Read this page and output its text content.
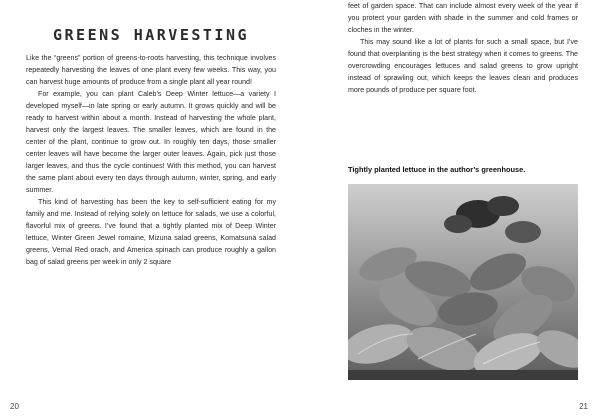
GREENS HARVESTING

Like the “greens” portion of greens-to-roots harvesting, this technique involves repeatedly harvesting the leaves of one plant every few weeks. This way, you can harvest huge amounts of produce from a single plant all year round!

For example, you can plant Caleb’s Deep Winter lettuce—a variety I developed myself—in late spring or early autumn. It grows quickly and will be ready to harvest within about a month. Instead of harvesting the whole plant, harvest only the largest leaves. The smaller leaves, which are found in the center of the plant, continue to grow out. In roughly ten days, those smaller center leaves will have become the larger outer leaves. Again, pick just those larger leaves, and thus the cycle continues! With this method, you can harvest the same plant about every ten days through autumn, winter, spring, and early summer.

This kind of harvesting has been the key to self-sufficient eating for my family and me. Instead of relying solely on lettuce for salads, we use a colorful, flavorful mix of greens. I’ve found that a tightly planted mix of Deep Winter lettuce, Winter Green Jewel romaine, Mizuna salad greens, Komatsuna salad greens, Vernal Red orach, and America spinach can produce roughly a gallon bag of salad greens per week in only 2 square

20

feet of garden space. That can include almost every week of the year if you protect your garden with shade in the summer and cold frames or cloches in the winter.

This may sound like a lot of plants for such a small space, but I’ve found that overplanting is the best strategy when it comes to greens. The overcrowding encourages lettuces and salad greens to grow upright instead of sprawling out, which keeps the leaves clean and produces more pounds of produce per square foot.

Tightly planted lettuce in the author’s greenhouse.

21
